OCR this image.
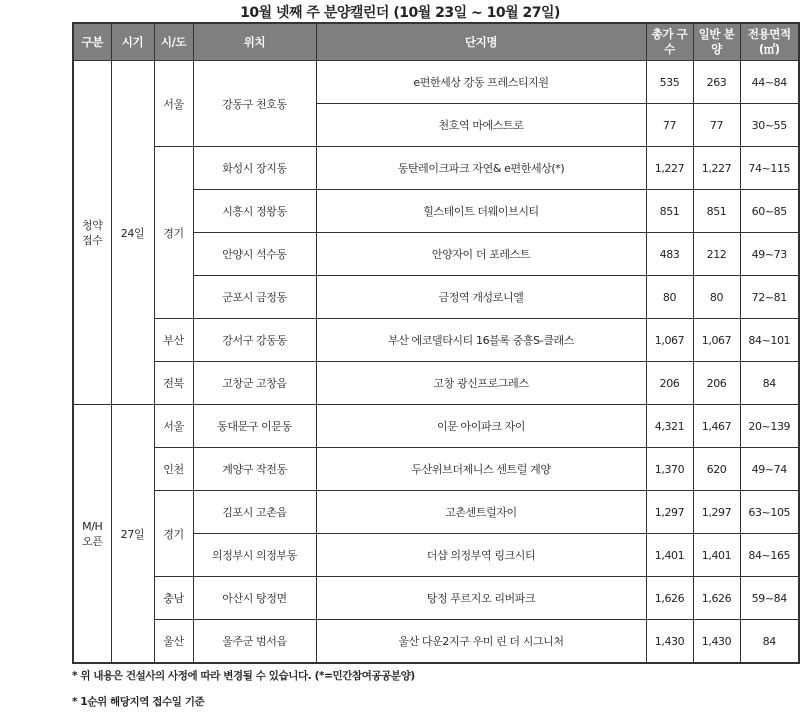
10월 넷째 주 분양캘린더 (10월 23일 ~ 10월 27일)
구분	시기	시/도	위치	단지명	총가 구수	일반 분양	전용면적 (㎡)
청약 접수	24일	서울	강동구 천호동	e편한세상 강동 프레스티지원	535	263	44~84
				천호역 마에스트로	77	77	30~55
		경기	화성시 장지동	동탄레이크파크 자연& e편한세상(*)	1,227	1,227	74~115
			시흥시 정왕동	힐스테이트 더웨이브시티	851	851	60~85
			안양시 석수동	안양자이 더 포레스트	483	212	49~73
			군포시 금정동	금정역 개성로니엘	80	80	72~81
		부산	강서구 강동동	부산 에코델타시티 16블록 중흥S-클래스	1,067	1,067	84~101
		전북	고창군 고창읍	고창 광신프로그레스	206	206	84
M/H 오픈	27일	서울	동대문구 이문동	이문 아이파크 자이	4,321	1,467	20~139
		인천	계양구 작전동	두산위브더제니스 센트럴 계양	1,370	620	49~74
		경기	김포시 고촌읍	고촌센트럴자이	1,297	1,297	63~105
			의정부시 의정부동	더샵 의정부역 링크시티	1,401	1,401	84~165
		충남	아산시 탕정면	탕정 푸르지오 리버파크	1,626	1,626	59~84
		울산	울주군 범서읍	울산 다운2지구 우미 린 더 시그니처	1,430	1,430	84
* 위 내용은 건설사의 사정에 따라 변경될 수 있습니다. (*=민간참여공공분양)
* 1순위 해당지역 접수일 기준
